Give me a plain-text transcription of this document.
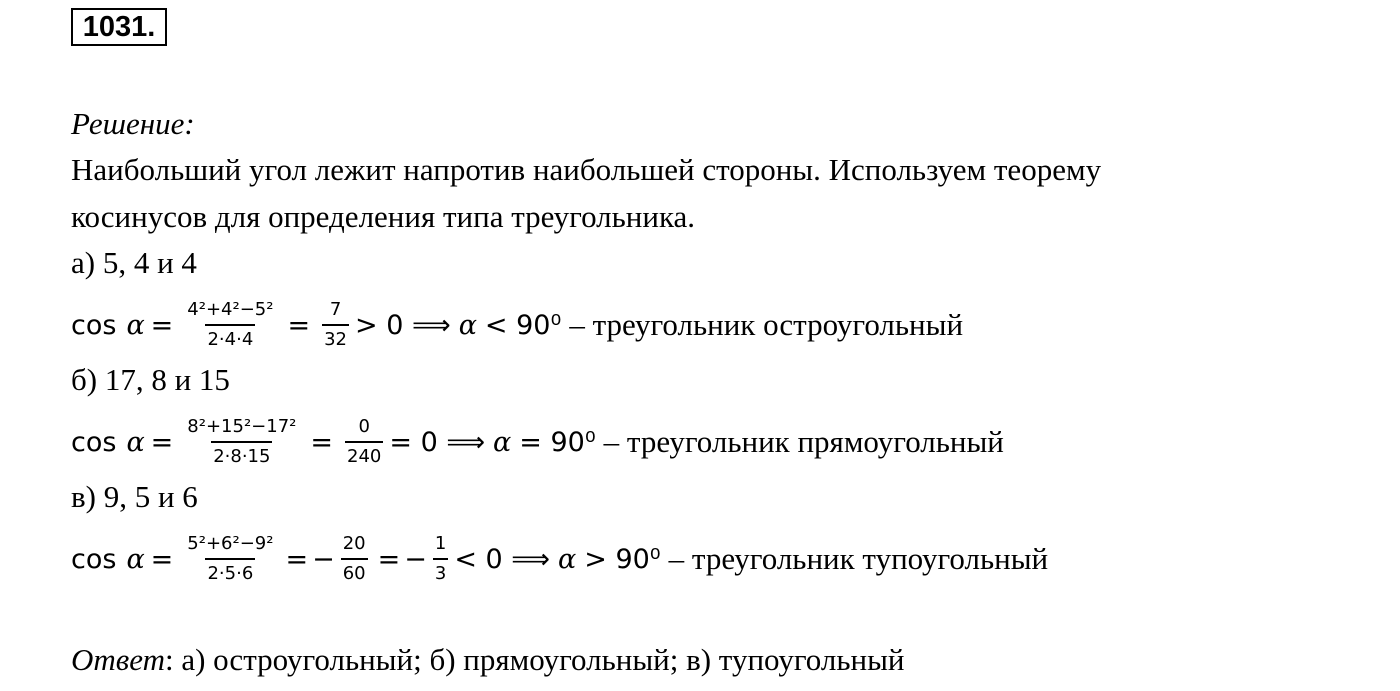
1031.
Решение:
Наибольший угол лежит напротив наибольшей стороны. Используем теорему
косинусов для определения типа треугольника.
а) 5, 4 и 4
$\cos \alpha = \frac{\text{4²+4²−5²}}{2\cdot 4\cdot 4} = \frac{7}{32} > 0$ ⟹ α < 90⁰ – треугольник остроугольный
б) 17, 8 и 15
$\cos \alpha = \frac{\text{8²+15²−17²}}{2\cdot 8\cdot 15} = \frac{0}{240} = 0$ ⟹ α = 90⁰ – треугольник прямоугольный
в) 9, 5 и 6
$\cos \alpha = \frac{\text{5²+6²−9²}}{2\cdot 5\cdot 6}$ = − $\frac{20}{60}$ = − $\frac{1}{3} < 0$ ⟹ α > 90⁰ – треугольник тупоугольный
Ответ: а) остроугольный; б) прямоугольный; в) тупоугольный
